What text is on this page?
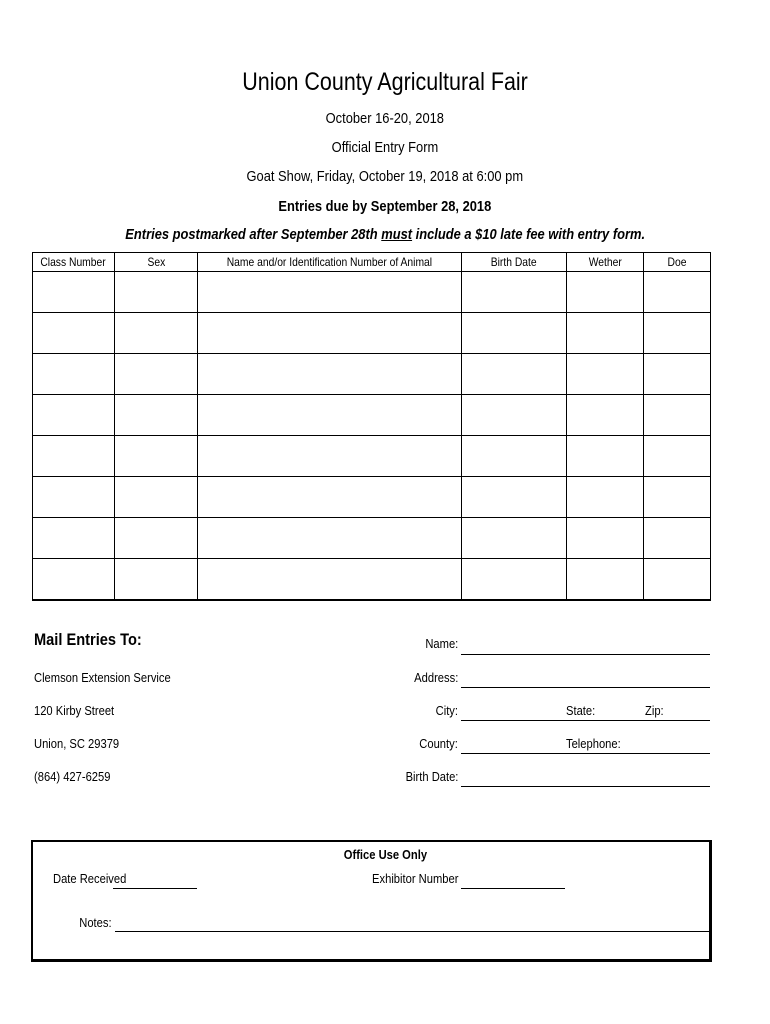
Union County Agricultural Fair
October 16-20, 2018
Official Entry Form
Goat Show, Friday, October 19, 2018 at 6:00 pm
Entries due by September 28, 2018
Entries postmarked after September 28th must include a $10 late fee with entry form.
Class Number	Sex	Name and/or Identification Number of Animal	Birth Date	Wether	Doe

Mail Entries To:
Clemson Extension Service
120 Kirby Street
Union, SC 29379
(864) 427-6259
Name:
Address:
City:	State:	Zip:
County:	Telephone:
Birth Date:
Office Use Only
Date Received	Exhibitor Number
Notes:
